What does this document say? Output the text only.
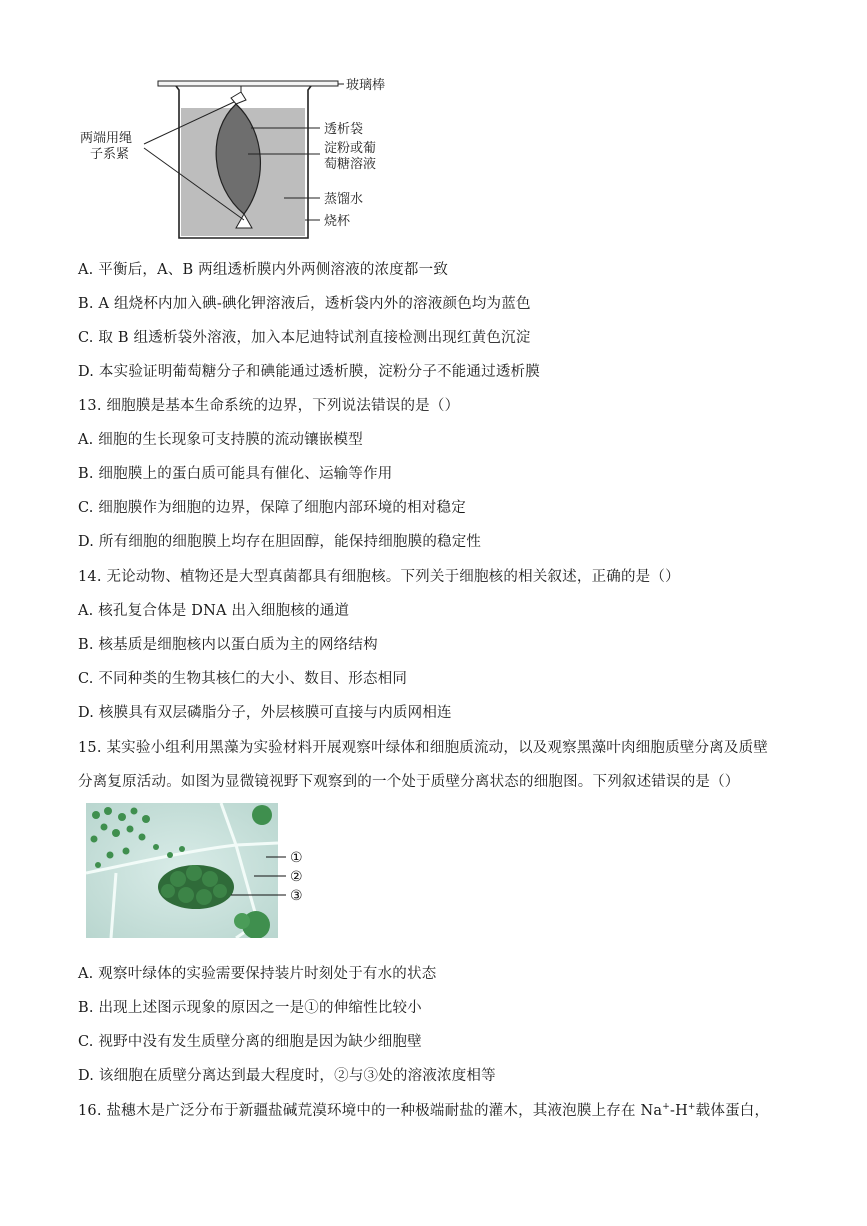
玻璃棒
两端用绳
子系紧
透析袋
淀粉或葡
萄糖溶液
蒸馏水
烧杯
A. 平衡后，A、B 两组透析膜内外两侧溶液的浓度都一致
B. A 组烧杯内加入碘-碘化钾溶液后，透析袋内外的溶液颜色均为蓝色
C. 取 B 组透析袋外溶液，加入本尼迪特试剂直接检测出现红黄色沉淀
D. 本实验证明葡萄糖分子和碘能通过透析膜，淀粉分子不能通过透析膜
13. 细胞膜是基本生命系统的边界，下列说法错误的是（）
A. 细胞的生长现象可支持膜的流动镶嵌模型
B. 细胞膜上的蛋白质可能具有催化、运输等作用
C. 细胞膜作为细胞的边界，保障了细胞内部环境的相对稳定
D. 所有细胞的细胞膜上均存在胆固醇，能保持细胞膜的稳定性
14. 无论动物、植物还是大型真菌都具有细胞核。下列关于细胞核的相关叙述，正确的是（）
A. 核孔复合体是 DNA 出入细胞核的通道
B. 核基质是细胞核内以蛋白质为主的网络结构
C. 不同种类的生物其核仁的大小、数目、形态相同
D. 核膜具有双层磷脂分子，外层核膜可直接与内质网相连
15. 某实验小组利用黑藻为实验材料开展观察叶绿体和细胞质流动，以及观察黑藻叶肉细胞质壁分离及质壁
分离复原活动。如图为显微镜视野下观察到的一个处于质壁分离状态的细胞图。下列叙述错误的是（）
①
②
③
A. 观察叶绿体的实验需要保持装片时刻处于有水的状态
B. 出现上述图示现象的原因之一是①的伸缩性比较小
C. 视野中没有发生质壁分离的细胞是因为缺少细胞壁
D. 该细胞在质壁分离达到最大程度时，②与③处的溶液浓度相等
16. 盐穗木是广泛分布于新疆盐碱荒漠环境中的一种极端耐盐的灌木，其液泡膜上存在 Na+-H+载体蛋白，
